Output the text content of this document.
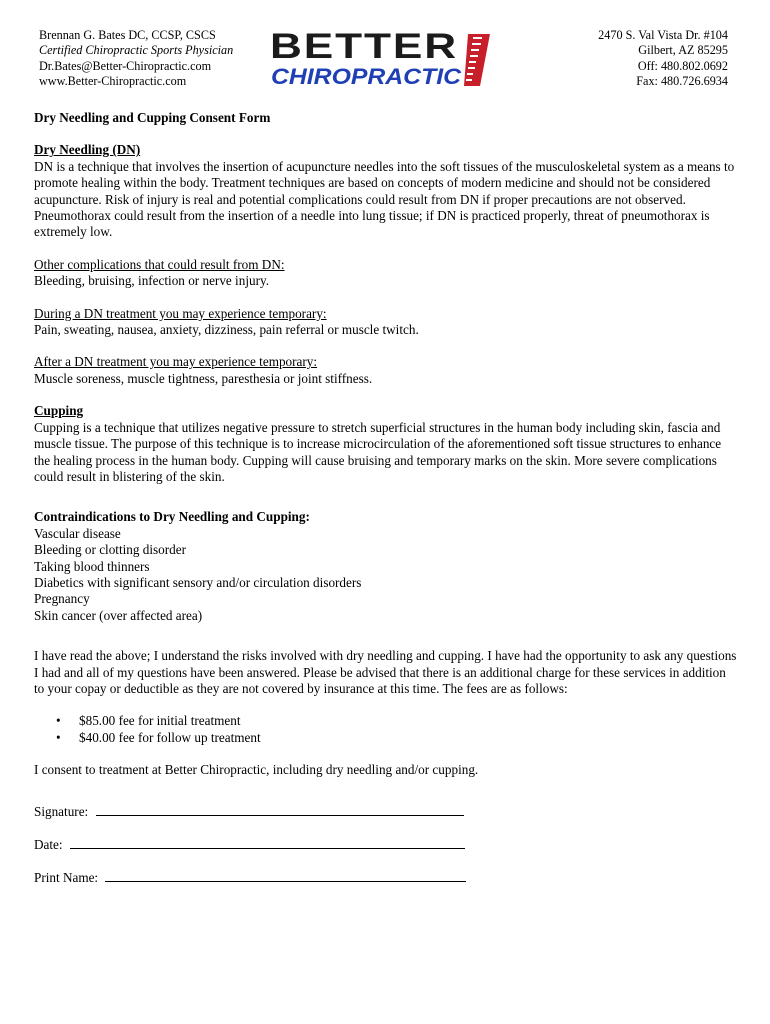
Brennan G. Bates DC, CCSP, CSCS
Certified Chiropractic Sports Physician
Dr.Bates@Better-Chiropractic.com
www.Better-Chiropractic.com
BETTER
CHIROPRACTIC
2470 S. Val Vista Dr. #104
Gilbert, AZ 85295
Off: 480.802.0692
Fax: 480.726.6934

Dry Needling and Cupping Consent Form

Dry Needling (DN)

DN is a technique that involves the insertion of acupuncture needles into the soft tissues of the musculoskeletal system as a means to promote healing within the body. Treatment techniques are based on concepts of modern medicine and should not be considered acupuncture. Risk of injury is real and potential complications could result from DN if proper precautions are not observed. Pneumothorax could result from the insertion of a needle into lung tissue; if DN is practiced properly, threat of pneumothorax is extremely low.

Other complications that could result from DN:

Bleeding, bruising, infection or nerve injury.

During a DN treatment you may experience temporary:

Pain, sweating, nausea, anxiety, dizziness, pain referral or muscle twitch.

After a DN treatment you may experience temporary:

Muscle soreness, muscle tightness, paresthesia or joint stiffness.

Cupping

Cupping is a technique that utilizes negative pressure to stretch superficial structures in the human body including skin, fascia and muscle tissue. The purpose of this technique is to increase microcirculation of the aforementioned soft tissue structures to enhance the healing process in the human body. Cupping will cause bruising and temporary marks on the skin. More severe complications could result in blistering of the skin.

Contraindications to Dry Needling and Cupping:

Vascular disease

Bleeding or clotting disorder

Taking blood thinners

Diabetics with significant sensory and/or circulation disorders

Pregnancy

Skin cancer (over affected area)

I have read the above; I understand the risks involved with dry needling and cupping. I have had the opportunity to ask any questions I had and all of my questions have been answered. Please be advised that there is an additional charge for these services in addition to your copay or deductible as they are not covered by insurance at this time. The fees are as follows:

• $85.00 fee for initial treatment
• $40.00 fee for follow up treatment

I consent to treatment at Better Chiropractic, including dry needling and/or cupping.

Signature:

Date:

Print Name:
